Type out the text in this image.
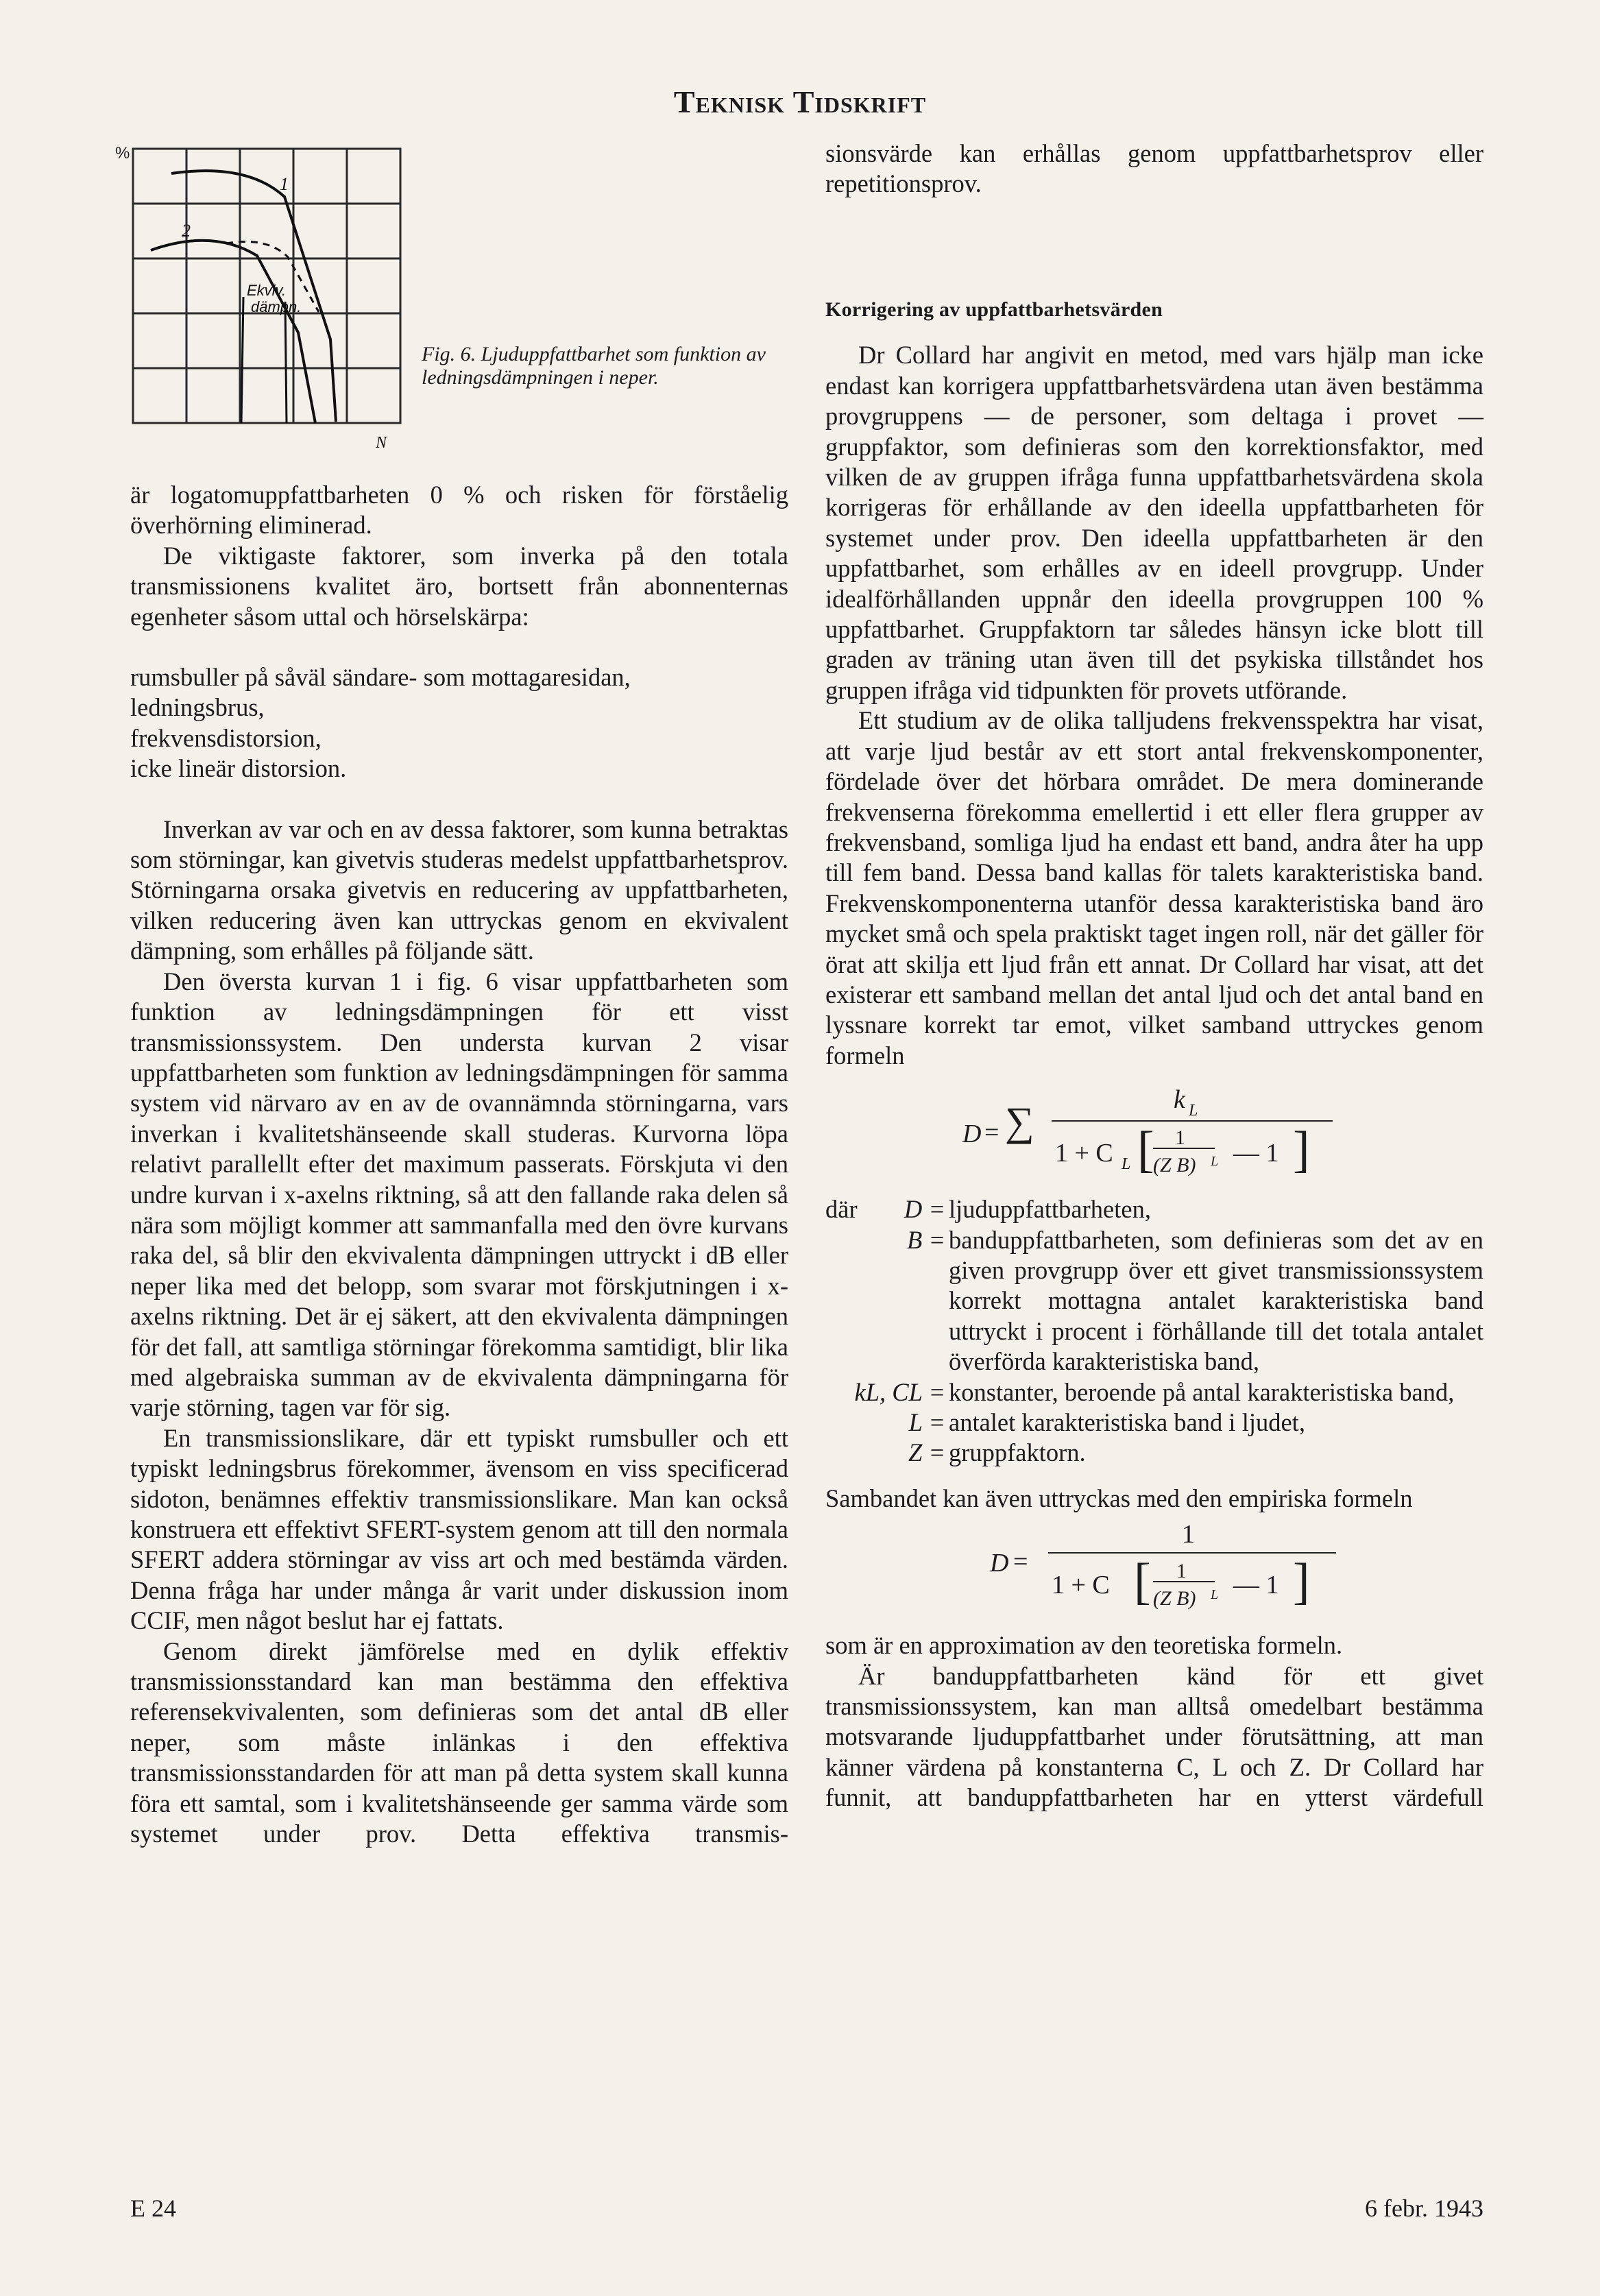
Teknisk Tidskrift
%
1
2
Ekviv.
dämpn.
N
Fig. 6. Ljuduppfattbarhet som funktion av ledningsdämpningen i neper.

är logatomuppfattbarheten 0 % och risken för förståelig överhörning eliminerad.

De viktigaste faktorer, som inverka på den totala transmissionens kvalitet äro, bortsett från abonnenternas egenheter såsom uttal och hörselskärpa:

rumsbuller på såväl sändare- som mottagaresidan,

ledningsbrus,

frekvensdistorsion,

icke lineär distorsion.

Inverkan av var och en av dessa faktorer, som kunna betraktas som störningar, kan givetvis studeras medelst uppfattbarhetsprov. Störningarna orsaka givetvis en reducering av uppfattbarheten, vilken reducering även kan uttryckas genom en ekvivalent dämpning, som erhålles på följande sätt.

Den översta kurvan 1 i fig. 6 visar uppfattbarheten som funktion av ledningsdämpningen för ett visst transmissionssystem. Den understa kurvan 2 visar uppfattbarheten som funktion av ledningsdämpningen för samma system vid närvaro av en av de ovannämnda störningarna, vars inverkan i kvalitetshänseende skall studeras. Kurvorna löpa relativt parallellt efter det maximum passerats. Förskjuta vi den undre kurvan i x-axelns riktning, så att den fallande raka delen så nära som möjligt kommer att sammanfalla med den övre kurvans raka del, så blir den ekvivalenta dämpningen uttryckt i dB eller neper lika med det belopp, som svarar mot förskjutningen i x-axelns riktning. Det är ej säkert, att den ekvivalenta dämpningen för det fall, att samtliga störningar förekomma samtidigt, blir lika med algebraiska summan av de ekvivalenta dämpningarna för varje störning, tagen var för sig.

En transmissionslikare, där ett typiskt rumsbuller och ett typiskt ledningsbrus förekommer, ävensom en viss specificerad sidoton, benämnes effektiv transmissionslikare. Man kan också konstruera ett effektivt SFERT-system genom att till den normala SFERT addera störningar av viss art och med bestämda värden. Denna fråga har under många år varit under diskussion inom CCIF, men något beslut har ej fattats.

Genom direkt jämförelse med en dylik effektiv transmissionsstandard kan man bestämma den effektiva referensekvivalenten, som definieras som det antal dB eller neper, som måste inlänkas i den effektiva transmissionsstandarden för att man på detta system skall kunna föra ett samtal, som i kvalitetshänseende ger samma värde som systemet under prov. Detta effektiva transmis-

sionsvärde kan erhållas genom uppfattbarhetsprov eller repetitionsprov.

Korrigering av uppfattbarhetsvärden

Dr Collard har angivit en metod, med vars hjälp man icke endast kan korrigera uppfattbarhetsvärdena utan även bestämma provgruppens — de personer, som deltaga i provet — gruppfaktor, som definieras som den korrektionsfaktor, med vilken de av gruppen ifråga funna uppfattbarhetsvärdena skola korrigeras för erhållande av den ideella uppfattbarheten för systemet under prov. Den ideella uppfattbarheten är den uppfattbarhet, som erhålles av en ideell provgrupp. Under idealförhållanden uppnår den ideella provgruppen 100 % uppfattbarhet. Gruppfaktorn tar således hänsyn icke blott till graden av träning utan även till det psykiska tillståndet hos gruppen ifråga vid tidpunkten för provets utförande.

Ett studium av de olika talljudens frekvensspektra har visat, att varje ljud består av ett stort antal frekvenskomponenter, fördelade över det hörbara området. De mera dominerande frekvenserna förekomma emellertid i ett eller flera grupper av frekvensband, somliga ljud ha endast ett band, andra åter ha upp till fem band. Dessa band kallas för talets karakteristiska band. Frekvenskomponenterna utanför dessa karakteristiska band äro mycket små och spela praktiskt taget ingen roll, när det gäller för örat att skilja ett ljud från ett annat. Dr Collard har visat, att det existerar ett samband mellan det antal ljud och det antal band en lyssnare korrekt tar emot, vilket samband uttryckes genom formeln

D = ∑	k L
1 + C L [ 1
(Z B) L — 1 ]
där	D = ljuduppfattbarheten,
B = banduppfattbarheten, som definieras som det av en given provgrupp över ett givet transmissionssystem korrekt mottagna antalet karakteristiska band uttryckt i procent i förhållande till det totala antalet överförda karakteristiska band,
kL, CL = konstanter, beroende på antal karakteristiska band,
L = antalet karakteristiska band i ljudet,
Z = gruppfaktorn.

Sambandet kan även uttryckas med den empiriska formeln

D =
1
1 + C [ 1
(Z B) L — 1 ]

som är en approximation av den teoretiska formeln.

Är banduppfattbarheten känd för ett givet transmissionssystem, kan man alltså omedelbart bestämma motsvarande ljuduppfattbarhet under förutsättning, att man känner värdena på konstanterna C, L och Z. Dr Collard har funnit, att banduppfattbarheten har en ytterst värdefull

E 24	6 febr. 1943
